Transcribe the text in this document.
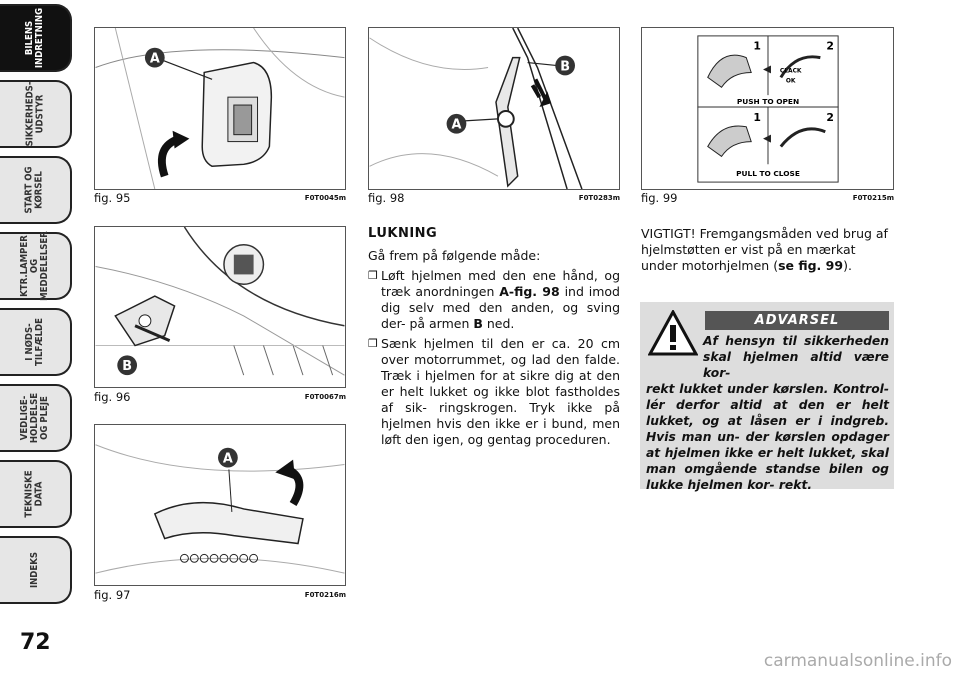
BILENS
INDRETNING
SIKKERHEDS-
UDSTYR
START OG
KØRSEL
KTR.LAMPER
OG
MEDDELELSER
I NØDS-
TILFÆLDE
VEDLIGE-
HOLDELSE
OG PLEJE
TEKNISKE
DATA
INDEKS
72
A
fig. 95	F0T0045m
B
fig. 96	F0T0067m
A
fig. 97	F0T0216m
A
B
fig. 98	F0T0283m
1	2
1	2
CLACK
OK
PUSH TO OPEN
PULL TO CLOSE
fig. 99	F0T0215m
LUKNING

Gå frem på følgende måde:

❒ Løft hjelmen med den ene hånd, og træk anordningen A-fig. 98 ind imod dig selv med den anden, og sving der- på armen B ned.
❒ Sænk hjelmen til den er ca. 20 cm over motorrummet, og lad den falde. Træk i hjelmen for at sikre dig at den er helt lukket og ikke blot fastholdes af sik- ringskrogen. Tryk ikke på hjelmen hvis den ikke er i bund, men løft den igen, og gentag proceduren.
VIGTIGT! Fremgangsmåden ved brug af hjelmstøtten er vist på en mærkat under motorhjelmen (se fig. 99).
ADVARSEL
Af hensyn til sikkerheden skal hjelmen altid være kor-
rekt lukket under kørslen. Kontrol- lér derfor altid at den er helt lukket, og at låsen er i indgreb. Hvis man un- der kørslen opdager at hjelmen ikke er helt lukket, skal man omgående standse bilen og lukke hjelmen kor- rekt.
carmanualsonline.info
